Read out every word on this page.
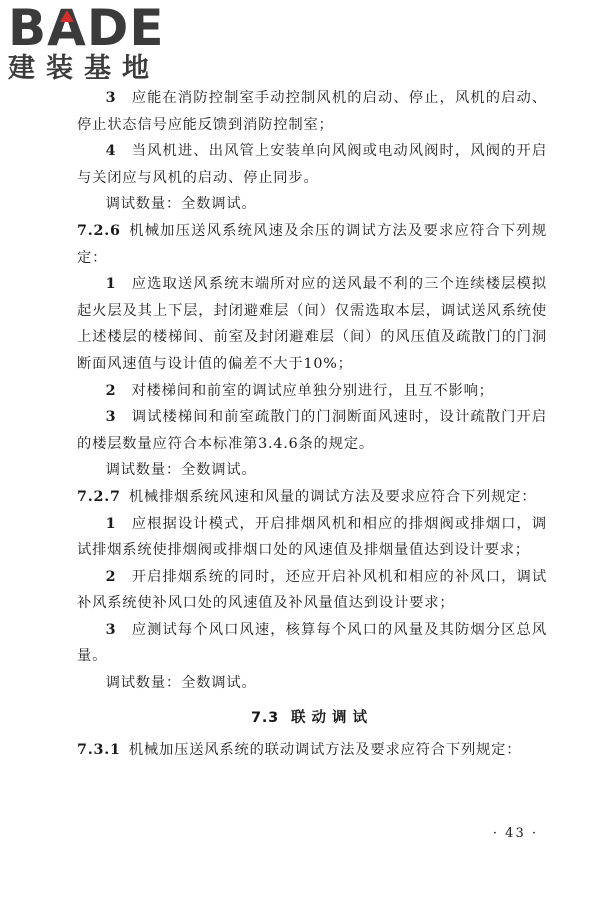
B A DE
建装基地

3  应能在消防控制室手动控制风机的启动、停止，风机的启动、停止状态信号应能反馈到消防控制室；

4  当风机进、出风管上安装单向风阀或电动风阀时，风阀的开启与关闭应与风机的启动、停止同步。

调试数量：全数调试。

7.2.6 机械加压送风系统风速及余压的调试方法及要求应符合下列规定：

1  应选取送风系统末端所对应的送风最不利的三个连续楼层模拟起火层及其上下层，封闭避难层（间）仅需选取本层，调试送风系统使上述楼层的楼梯间、前室及封闭避难层（间）的风压值及疏散门的门洞断面风速值与设计值的偏差不大于10%；

2  对楼梯间和前室的调试应单独分别进行，且互不影响；

3  调试楼梯间和前室疏散门的门洞断面风速时，设计疏散门开启的楼层数量应符合本标准第3.4.6条的规定。

调试数量：全数调试。

7.2.7 机械排烟系统风速和风量的调试方法及要求应符合下列规定：

1  应根据设计模式，开启排烟风机和相应的排烟阀或排烟口，调试排烟系统使排烟阀或排烟口处的风速值及排烟量值达到设计要求；

2  开启排烟系统的同时，还应开启补风机和相应的补风口，调试补风系统使补风口处的风速值及补风量值达到设计要求；

3  应测试每个风口风速，核算每个风口的风量及其防烟分区总风量。

调试数量：全数调试。

7.3 联动调试

7.3.1 机械加压送风系统的联动调试方法及要求应符合下列规定：

· 43 ·
